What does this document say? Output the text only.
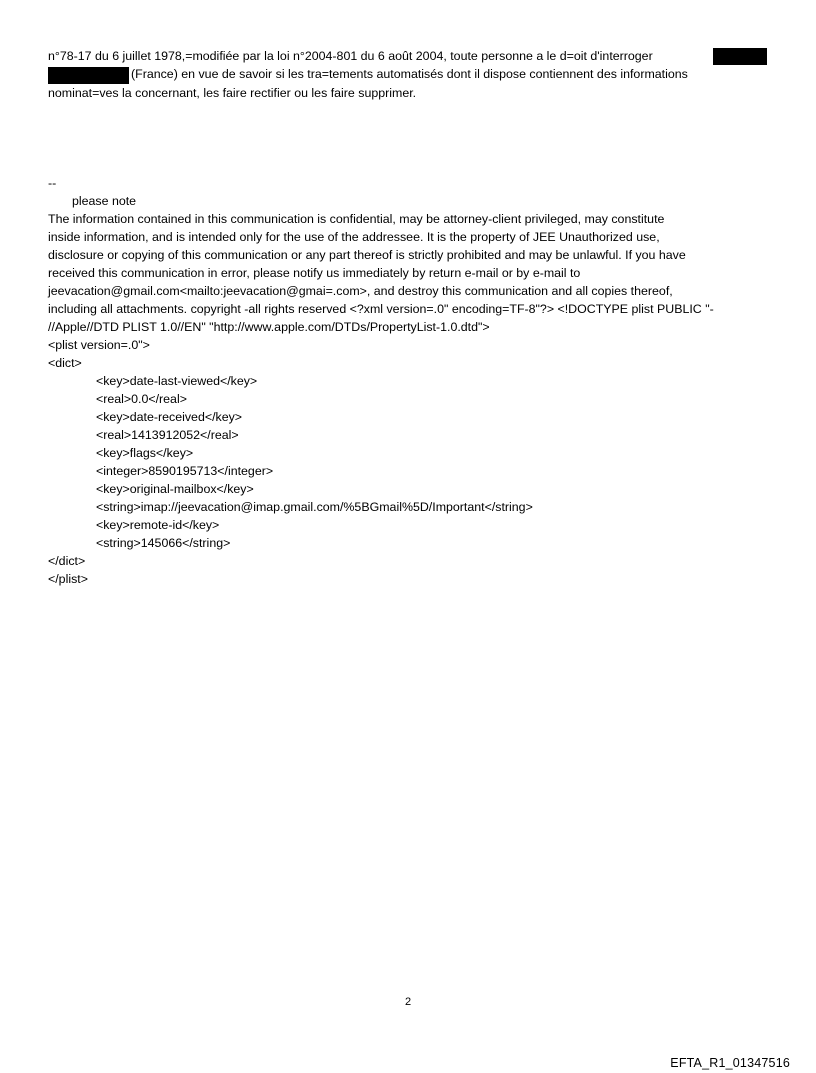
n°78-17 du 6 juillet 1978,=modifiée par la loi n°2004-801 du 6 août 2004, toute personne a le d=oit d'interroger
(France) en vue de savoir si les tra=tements automatisés dont il dispose contiennent des informations
nominat=ves la concernant, les faire rectifier ou les faire supprimer.
--
please note
The information contained in this communication is confidential, may be attorney-client privileged, may constitute
inside information, and is intended only for the use of the addressee. It is the property of JEE Unauthorized use,
disclosure or copying of this communication or any part thereof is strictly prohibited and may be unlawful. If you have
received this communication in error, please notify us immediately by return e-mail or by e-mail to
jeevacation@gmail.com<mailto:jeevacation@gmai=.com>, and destroy this communication and all copies thereof,
including all attachments. copyright -all rights reserved <?xml version=.0" encoding=TF-8"?> <!DOCTYPE plist PUBLIC "-
//Apple//DTD PLIST 1.0//EN" "http://www.apple.com/DTDs/PropertyList-1.0.dtd">
<plist version=.0">
<dict>
<key>date-last-viewed</key>
<real>0.0</real>
<key>date-received</key>
<real>1413912052</real>
<key>flags</key>
<integer>8590195713</integer>
<key>original-mailbox</key>
<string>imap://jeevacation@imap.gmail.com/%5BGmail%5D/Important</string>
<key>remote-id</key>
<string>145066</string>
</dict>
</plist>
2
EFTA_R1_01347516
